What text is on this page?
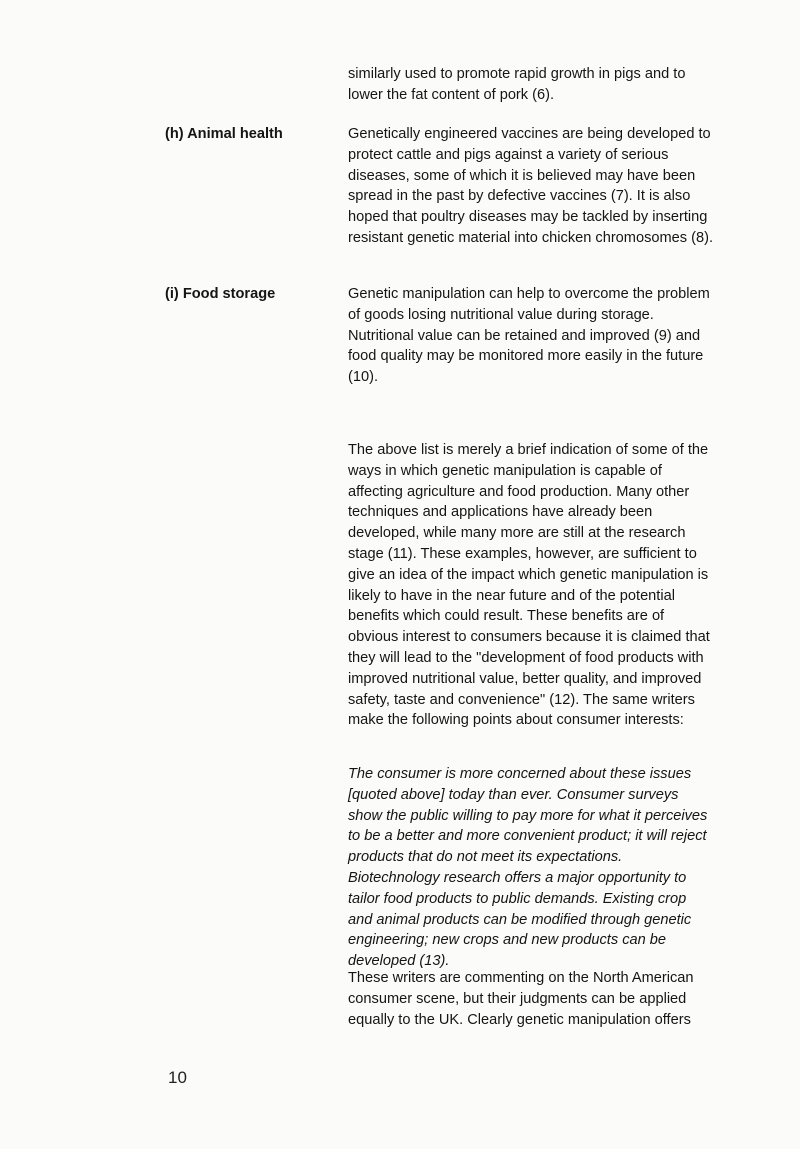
similarly used to promote rapid growth in pigs and to lower the fat content of pork (6).
(h) Animal health	Genetically engineered vaccines are being developed to protect cattle and pigs against a variety of serious diseases, some of which it is believed may have been spread in the past by defective vaccines (7). It is also hoped that poultry diseases may be tackled by inserting resistant genetic material into chicken chromosomes (8).
(i) Food storage	Genetic manipulation can help to overcome the problem of goods losing nutritional value during storage. Nutritional value can be retained and improved (9) and food quality may be monitored more easily in the future (10).
The above list is merely a brief indication of some of the ways in which genetic manipulation is capable of affecting agriculture and food production. Many other techniques and applications have already been developed, while many more are still at the research stage (11). These examples, however, are sufficient to give an idea of the impact which genetic manipulation is likely to have in the near future and of the potential benefits which could result. These benefits are of obvious interest to consumers because it is claimed that they will lead to the "development of food products with improved nutritional value, better quality, and improved safety, taste and convenience" (12). The same writers make the following points about consumer interests:
The consumer is more concerned about these issues [quoted above] today than ever. Consumer surveys show the public willing to pay more for what it perceives to be a better and more convenient product; it will reject products that do not meet its expectations. Biotechnology research offers a major opportunity to tailor food products to public demands. Existing crop and animal products can be modified through genetic engineering; new crops and new products can be developed (13).
These writers are commenting on the North American consumer scene, but their judgments can be applied equally to the UK. Clearly genetic manipulation offers
10
